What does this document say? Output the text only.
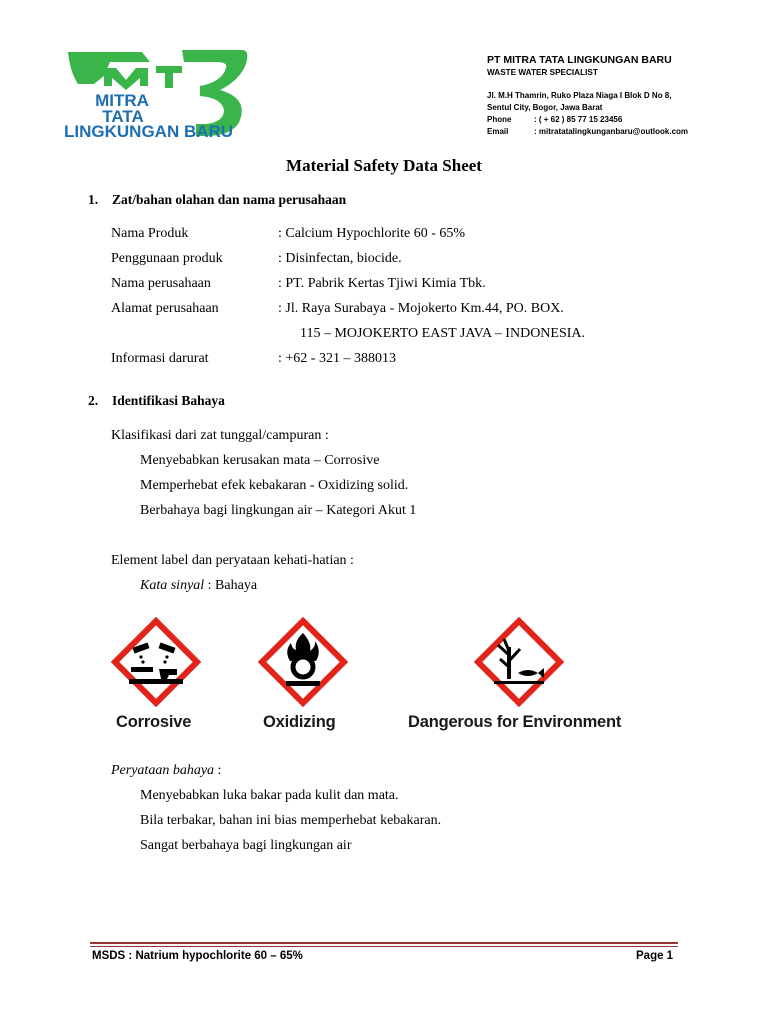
MITRA
TATA
LINGKUNGAN BARU
PT MITRA TATA LINGKUNGAN BARU
WASTE WATER SPECIALIST
Jl. M.H Thamrin, Ruko Plaza Niaga I Blok D No 8,
Sentul City, Bogor, Jawa Barat
Phone	: ( + 62 ) 85 77 15 23456
Email	: mitratatalingkunganbaru@outlook.com
Material Safety Data Sheet
1. Zat/bahan olahan dan nama perusahaan
Nama Produk	: Calcium Hypochlorite 60 - 65%
Penggunaan produk	: Disinfectan, biocide.
Nama perusahaan	: PT. Pabrik Kertas Tjiwi Kimia Tbk.
Alamat perusahaan	: Jl. Raya Surabaya - Mojokerto Km.44, PO. BOX.
115 – MOJOKERTO EAST JAVA – INDONESIA.
Informasi darurat	: +62 - 321 – 388013
2. Identifikasi Bahaya
Klasifikasi dari zat tunggal/campuran :
Menyebabkan kerusakan mata – Corrosive
Memperhebat efek kebakaran - Oxidizing solid.
Berbahaya bagi lingkungan air – Kategori Akut 1
Element label dan peryataan kehati-hatian :
Kata sinyal : Bahaya
Corrosive	Oxidizing	Dangerous for Environment
Peryataan bahaya :
Menyebabkan luka bakar pada kulit dan mata.
Bila terbakar, bahan ini bias memperhebat kebakaran.
Sangat berbahaya bagi lingkungan air
MSDS : Natrium hypochlorite 60 – 65%	Page 1
